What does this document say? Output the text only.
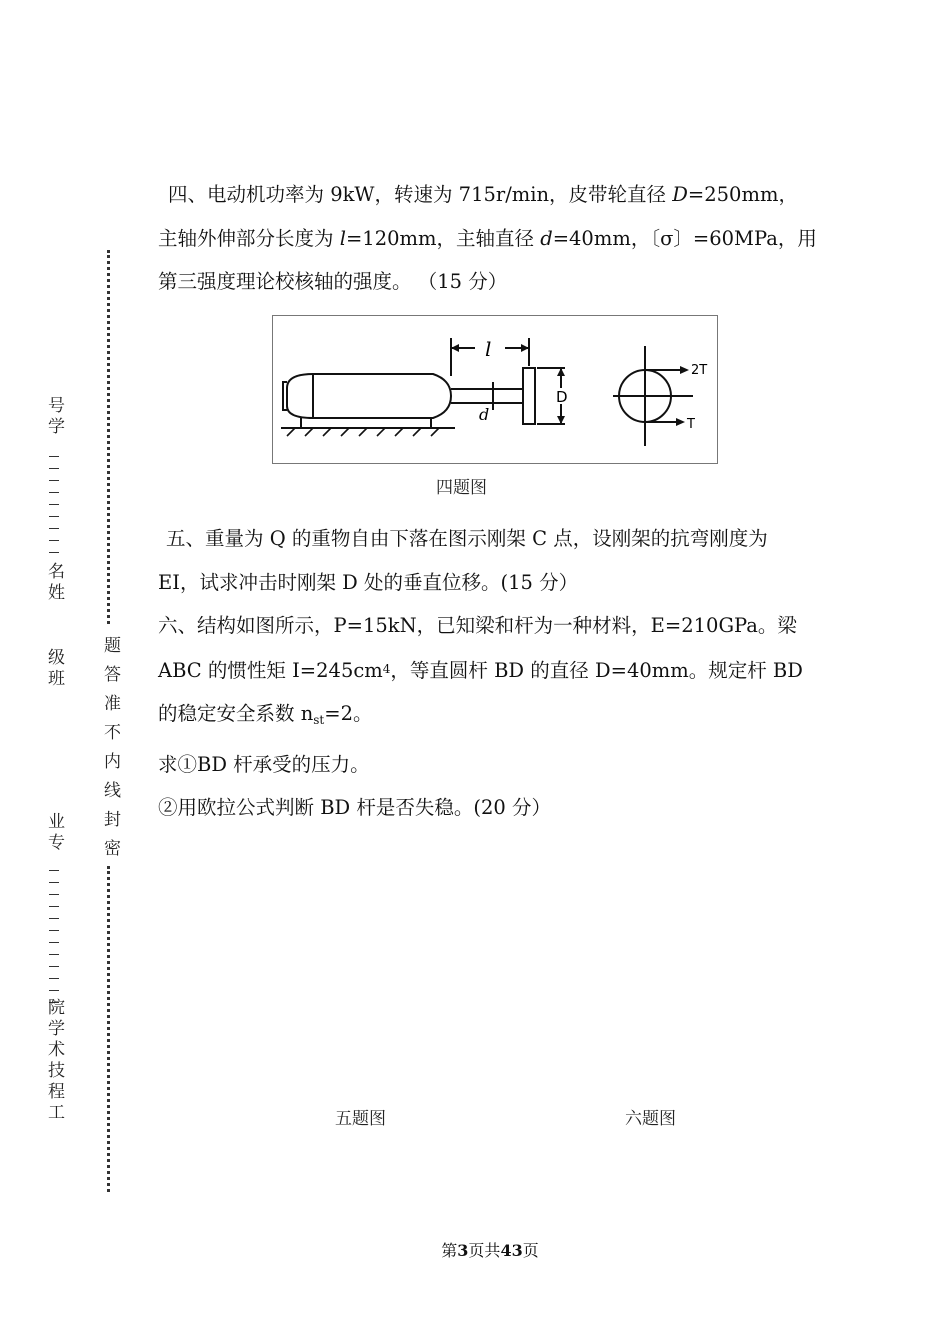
号
学
名
姓
级
班
业
专
院
学
术
技
程
工
题
答
准
不
内
线
封
密

四、电动机功率为 9kW，转速为 715r/min，皮带轮直径 D=250mm，

主轴外伸部分长度为 l=120mm，主轴直径 d=40mm，〔σ〕=60MPa，用

第三强度理论校核轴的强度。 （15 分）

l
d
D
2T
T
四题图

五、重量为 Q 的重物自由下落在图示刚架 C 点，设刚架的抗弯刚度为

EI，试求冲击时刚架 D 处的垂直位移。(15 分）

六、结构如图所示，P=15kN，已知梁和杆为一种材料，E=210GPa。梁

ABC 的惯性矩 $I=245cm^4$，等直圆杆 BD 的直径 D=40mm。规定杆 BD

的稳定安全系数 $n_{st}=2$。

求①BD 杆承受的压力。

②用欧拉公式判断 BD 杆是否失稳。(20 分）

五题图	六题图
第3页共43页
